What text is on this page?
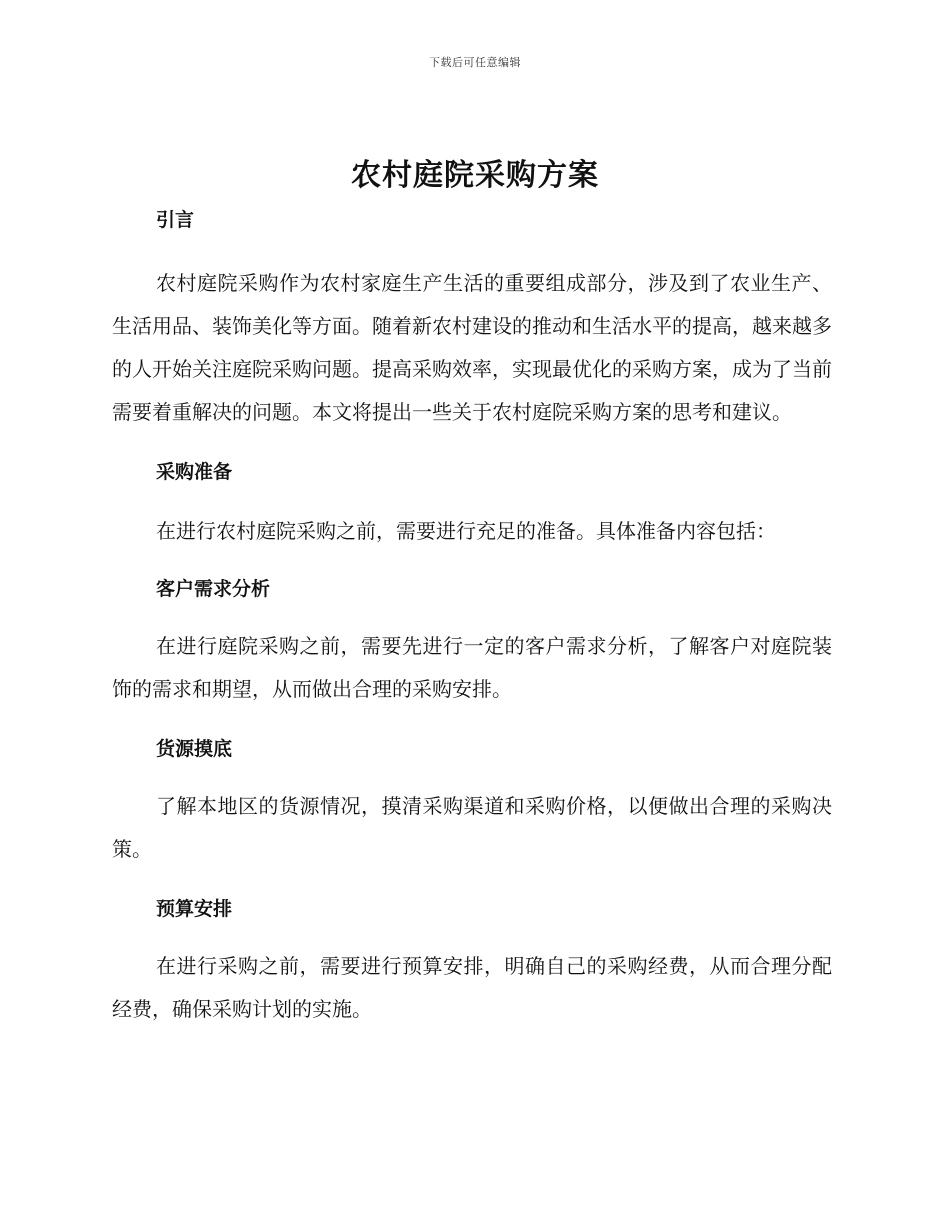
下载后可任意编辑
农村庭院采购方案
引言

农村庭院采购作为农村家庭生产生活的重要组成部分，涉及到了农业生产、生活用品、装饰美化等方面。随着新农村建设的推动和生活水平的提高，越来越多的人开始关注庭院采购问题。提高采购效率，实现最优化的采购方案，成为了当前需要着重解决的问题。本文将提出一些关于农村庭院采购方案的思考和建议。

采购准备

在进行农村庭院采购之前，需要进行充足的准备。具体准备内容包括：

客户需求分析

在进行庭院采购之前，需要先进行一定的客户需求分析，了解客户对庭院装饰的需求和期望，从而做出合理的采购安排。

货源摸底

了解本地区的货源情况，摸清采购渠道和采购价格，以便做出合理的采购决策。

预算安排

在进行采购之前，需要进行预算安排，明确自己的采购经费，从而合理分配经费，确保采购计划的实施。
